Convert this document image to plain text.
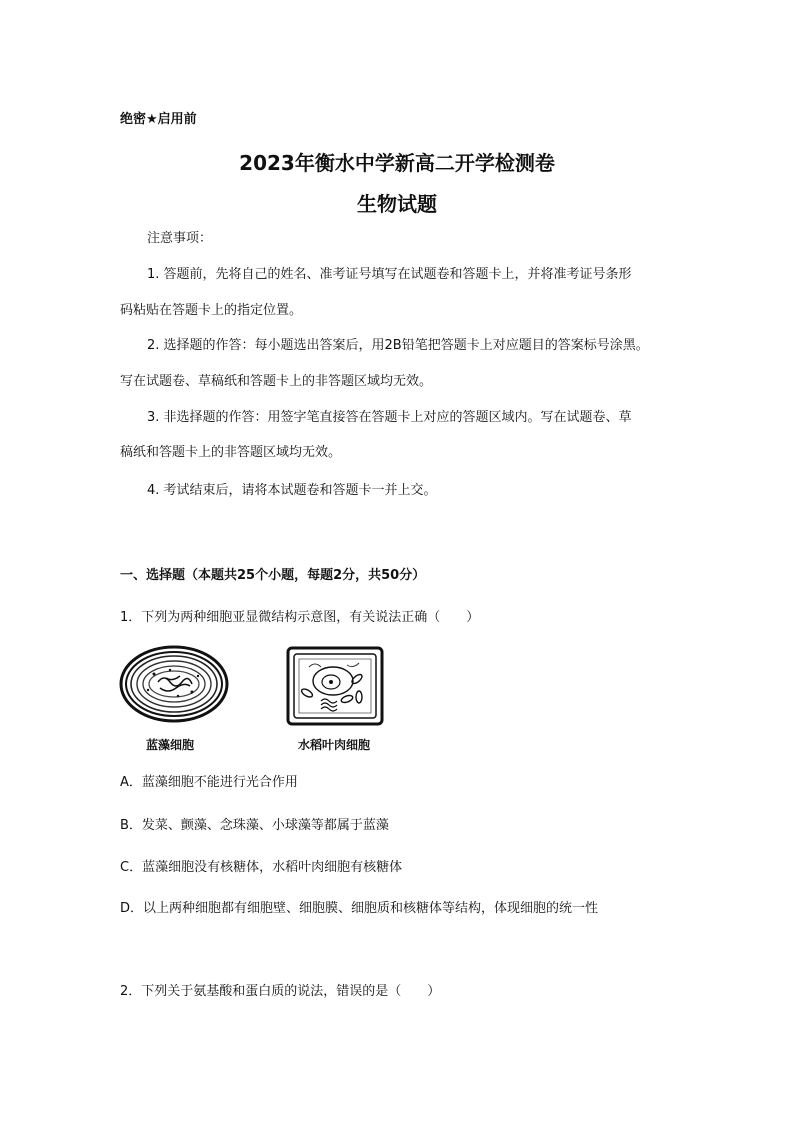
绝密★启用前
2023年衡水中学新高二开学检测卷
生物试题
注意事项：
1. 答题前，先将自己的姓名、准考证号填写在试题卷和答题卡上，并将准考证号条形
码粘贴在答题卡上的指定位置。
2. 选择题的作答：每小题选出答案后，用2B铅笔把答题卡上对应题目的答案标号涂黑。
写在试题卷、草稿纸和答题卡上的非答题区域均无效。
3. 非选择题的作答：用签字笔直接答在答题卡上对应的答题区域内。写在试题卷、草
稿纸和答题卡上的非答题区域均无效。
4. 考试结束后，请将本试题卷和答题卡一并上交。
一、选择题（本题共25个小题，每题2分，共50分）
1．下列为两种细胞亚显微结构示意图，有关说法正确（　　）
蓝藻细胞	水稻叶肉细胞
A．蓝藻细胞不能进行光合作用
B．发菜、颤藻、念珠藻、小球藻等都属于蓝藻
C．蓝藻细胞没有核糖体，水稻叶肉细胞有核糖体
D．以上两种细胞都有细胞壁、细胞膜、细胞质和核糖体等结构，体现细胞的统一性
2．下列关于氨基酸和蛋白质的说法，错误的是（　　）
